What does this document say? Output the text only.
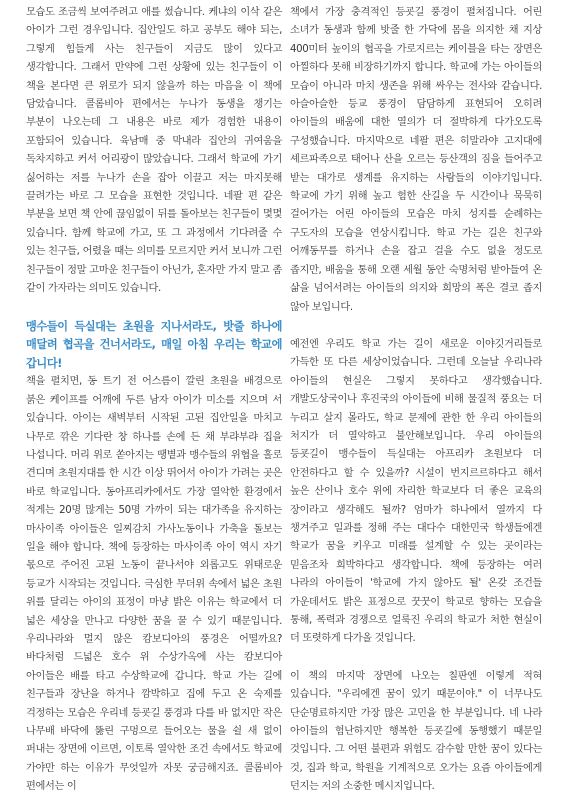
모습도 조금씩 보여주려고 애를 썼습니다. 케냐의 이삭 같은 아이가 그런 경우입니다. 집안일도 하고 공부도 해야 되는, 그렇게 힘들게 사는 친구들이 지금도 많이 있다고 생각합니다. 그래서 만약에 그런 상황에 있는 친구들이 이 책을 본다면 큰 위로가 되지 않을까 하는 마음을 이 책에 담았습니다. 콜롬비아 편에서는 누나가 동생을 챙기는 부분이 나오는데 그 내용은 바로 제가 경험한 내용이 포함되어 있습니다. 육남매 중 막내라 집안의 귀여움을 독차지하고 커서 어리광이 많았습니다. 그래서 학교에 가기 싫어하는 저를 누나가 손을 잡아 이끌고 저는 마지못해 끌려가는 바로 그 모습을 표현한 것입니다. 네팔 편 같은 부분을 보면 책 안에 끊임없이 뒤를 돌아보는 친구들이 몇몇 있습니다. 함께 학교에 가고, 또 그 과정에서 기다려줄 수 있는 친구들, 어렸을 때는 의미를 모르지만 커서 보니까 그런 친구들이 정말 고마운 친구들이 아닌가, 혼자만 가지 말고 좀 같이 가자라는 의미도 있습니다.

맹수들이 득실대는 초원을 지나서라도, 밧줄 하나에 매달려 협곡을 건너서라도, 매일 아침 우리는 학교에 갑니다!

책을 펼치면, 동 트기 전 어스름이 깔린 초원을 배경으로 붉은 케이프를 어깨에 두른 남자 아이가 미소를 지으며 서 있습니다. 아이는 새벽부터 시작된 고된 집안일을 마치고 나무로 깎은 기다란 창 하나를 손에 든 채 부랴부랴 집을 나섭니다. 머리 위로 쏟아지는 땡볕과 맹수들의 위협을 홀로 견디며 초원지대를 한 시간 이상 뛰어서 아이가 가려는 곳은 바로 학교입니다. 동아프리카에서도 가장 열악한 환경에서 적게는 20명 많게는 50명 가까이 되는 대가족을 유지하는 마사이족 아이들은 일찌감치 가사노동이나 가축을 돌보는 일을 해야 합니다. 책에 등장하는 마사이족 아이 역시 자기 몫으로 주어진 고된 노동이 끝나서야 외롭고도 위태로운 등교가 시작되는 것입니다. 극심한 무더위 속에서 넓은 초원 위를 달리는 아이의 표정이 마냥 밝은 이유는 학교에서 더 넓은 세상을 만나고 다양한 꿈을 꿀 수 있기 때문입니다. 우리나라와 멀지 않은 캄보디아의 풍경은 어떨까요? 바다처럼 드넓은 호수 위 수상가옥에 사는 캄보디아 아이들은 배를 타고 수상학교에 갑니다. 학교 가는 길에 친구들과 장난을 하거나 깜박하고 집에 두고 온 숙제를 걱정하는 모습은 우리네 등굣길 풍경과 다를 바 없지만 작은 나무배 바닥에 뚫린 구멍으로 들어오는 물을 쉴 새 없이 퍼내는 장면에 이르면, 이토록 열악한 조건 속에서도 학교에 가야만 하는 이유가 무엇일까 자못 궁금해지죠. 콜롬비아 편에서는 이

책에서 가장 충격적인 등굣길 풍경이 펼쳐집니다. 어린 소녀가 동생과 함께 밧줄 한 가닥에 몸을 의지한 채 지상 400미터 높이의 협곡을 가로지르는 케이블을 타는 장면은 아찔하다 못해 비장하기까지 합니다. 학교에 가는 아이들의 모습이 아니라 마치 생존을 위해 싸우는 전사와 같습니다. 아슬아슬한 등교 풍경이 담담하게 표현되어 오히려 아이들의 배움에 대한 열의가 더 절박하게 다가오도록 구성했습니다. 마지막으로 네팔 편은 히말라야 고지대에 셰르파족으로 태어나 산을 오르는 등산객의 짐을 들어주고 받는 대가로 생계를 유지하는 사람들의 이야기입니다. 학교에 가기 위해 높고 험한 산길을 두 시간이나 묵묵히 걸어가는 어린 아이들의 모습은 마치 성지를 순례하는 구도자의 모습을 연상시킵니다. 학교 가는 길은 친구와 어깨동무를 하거나 손을 잡고 걸을 수도 없을 정도로 좁지만, 배움을 통해 오랜 세월 동안 숙명처럼 받아들여 온 삶을 넘어서려는 아이들의 의지와 희망의 폭은 결코 좁지 않아 보입니다.

예전엔 우리도 학교 가는 길이 새로운 이야깃거리들로 가득한 또 다른 세상이었습니다. 그런데 오늘날 우리나라 아이들의 현실은 그렇지 못하다고 생각했습니다. 개발도상국이나 후진국의 아이들에 비해 물질적 풍요는 더 누리고 살지 몰라도, 학교 문제에 관한 한 우리 아이들의 처지가 더 열악하고 불안해보입니다. 우리 아이들의 등굣길이 맹수들이 득실대는 아프리카 초원보다 더 안전하다고 할 수 있을까? 시설이 번지르르하다고 해서 높은 산이나 호수 위에 자리한 학교보다 더 좋은 교육의 장이라고 생각해도 될까? 엄마가 하나에서 열까지 다 챙겨주고 일과를 정해 주는 대다수 대한민국 학생들에겐 학교가 꿈을 키우고 미래를 설계할 수 있는 곳이라는 믿음조차 희박하다고 생각합니다. 책에 등장하는 여러 나라의 아이들이 '학교에 가지 않아도 될' 온갖 조건들 가운데서도 밝은 표정으로 꿋꿋이 학교로 향하는 모습을 통해, 폭력과 경쟁으로 얼룩진 우리의 학교가 처한 현실이 더 또렷하게 다가올 것입니다.

이 책의 마지막 장면에 나오는 칠판엔 이렇게 적혀 있습니다. "우리에겐 꿈이 있기 때문이야." 이 너무나도 단순명료하지만 가장 많은 고민을 한 부분입니다. 네 나라 아이들의 험난하지만 행복한 등굣길에 동행했기 때문일 것입니다. 그 어떤 불편과 위험도 감수할 만한 꿈이 있다는 것, 집과 학교, 학원을 기계적으로 오가는 요즘 아이들에게 던지는 저의 소중한 메시지입니다.
